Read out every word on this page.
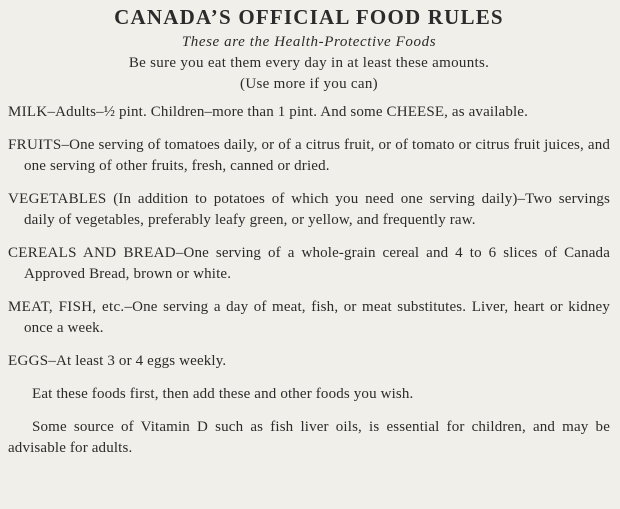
CANADA’S OFFICIAL FOOD RULES
These are the Health-Protective Foods
Be sure you eat them every day in at least these amounts.
(Use more if you can)

MILK–Adults–½ pint. Children–more than 1 pint. And some CHEESE, as available.

FRUITS–One serving of tomatoes daily, or of a citrus fruit, or of tomato or citrus fruit juices, and one serving of other fruits, fresh, canned or dried.

VEGETABLES (In addition to potatoes of which you need one serving daily)–Two servings daily of vegetables, preferably leafy green, or yellow, and frequently raw.

CEREALS AND BREAD–One serving of a whole-grain cereal and 4 to 6 slices of Canada Approved Bread, brown or white.

MEAT, FISH, etc.–One serving a day of meat, fish, or meat substitutes. Liver, heart or kidney once a week.

EGGS–At least 3 or 4 eggs weekly.

Eat these foods first, then add these and other foods you wish.

Some source of Vitamin D such as fish liver oils, is essential for children, and may be advisable for adults.
